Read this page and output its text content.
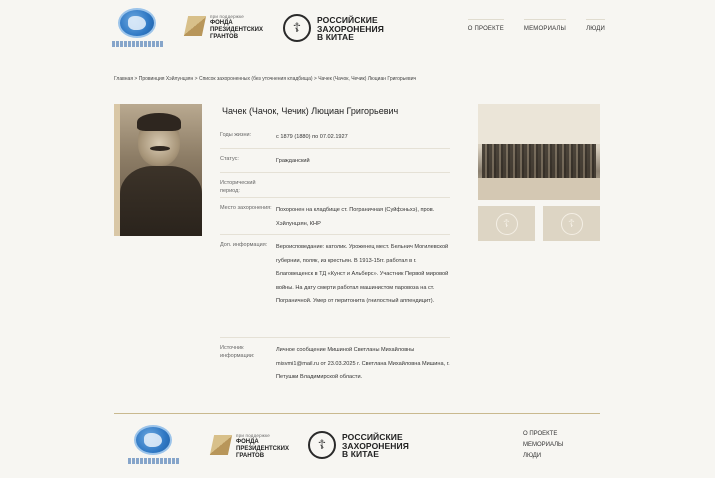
при поддержке
ФОНДА
ПРЕЗИДЕНТСКИХ
ГРАНТОВ
☦
РОССИЙСКИЕ
ЗАХОРОНЕНИЯ
В КИТАЕ
О ПРОЕКТЕ	МЕМОРИАЛЫ	ЛЮДИ
Главная > Провинция Хэйлунцзян > Список захороненных (без уточнения кладбища) > Чачек (Чачок, Чечик) Люциан Григорьевич
Чачек (Чачок, Чечик) Люциан Григорьевич
Годы жизни:	с 1879 (1880) по 07.02.1927
Статус:	Гражданский
Исторический период:
Место захоронения: Похоронен на кладбище ст. Пограничная (Суйфэньхэ), пров. Хэйлунцзян, КНР
Доп. информация:	Вероисповедание: католик. Уроженец мест. Бельнич Могилевской губернии, поляк, из крестьян. В 1913-15гг. работал в г. Благовещенск в ТД «Кунст и Альберс». Участник Первой мировой войны. На дату смерти работал машинистом паровоза на ст. Пограничной. Умер от перитонита (гнилостный аппендицит).
Источник информации:
Личное сообщение Мишиной Светланы Михайловны misvmi1@mail.ru от 23.03.2025 г. Светлана Михайловна Мишина, г. Петушки Владимирской области.
☦	☦
при поддержке
ФОНДА
ПРЕЗИДЕНТСКИХ
ГРАНТОВ
☦
РОССИЙСКИЕ
ЗАХОРОНЕНИЯ
В КИТАЕ
О ПРОЕКТЕ
МЕМОРИАЛЫ
ЛЮДИ
